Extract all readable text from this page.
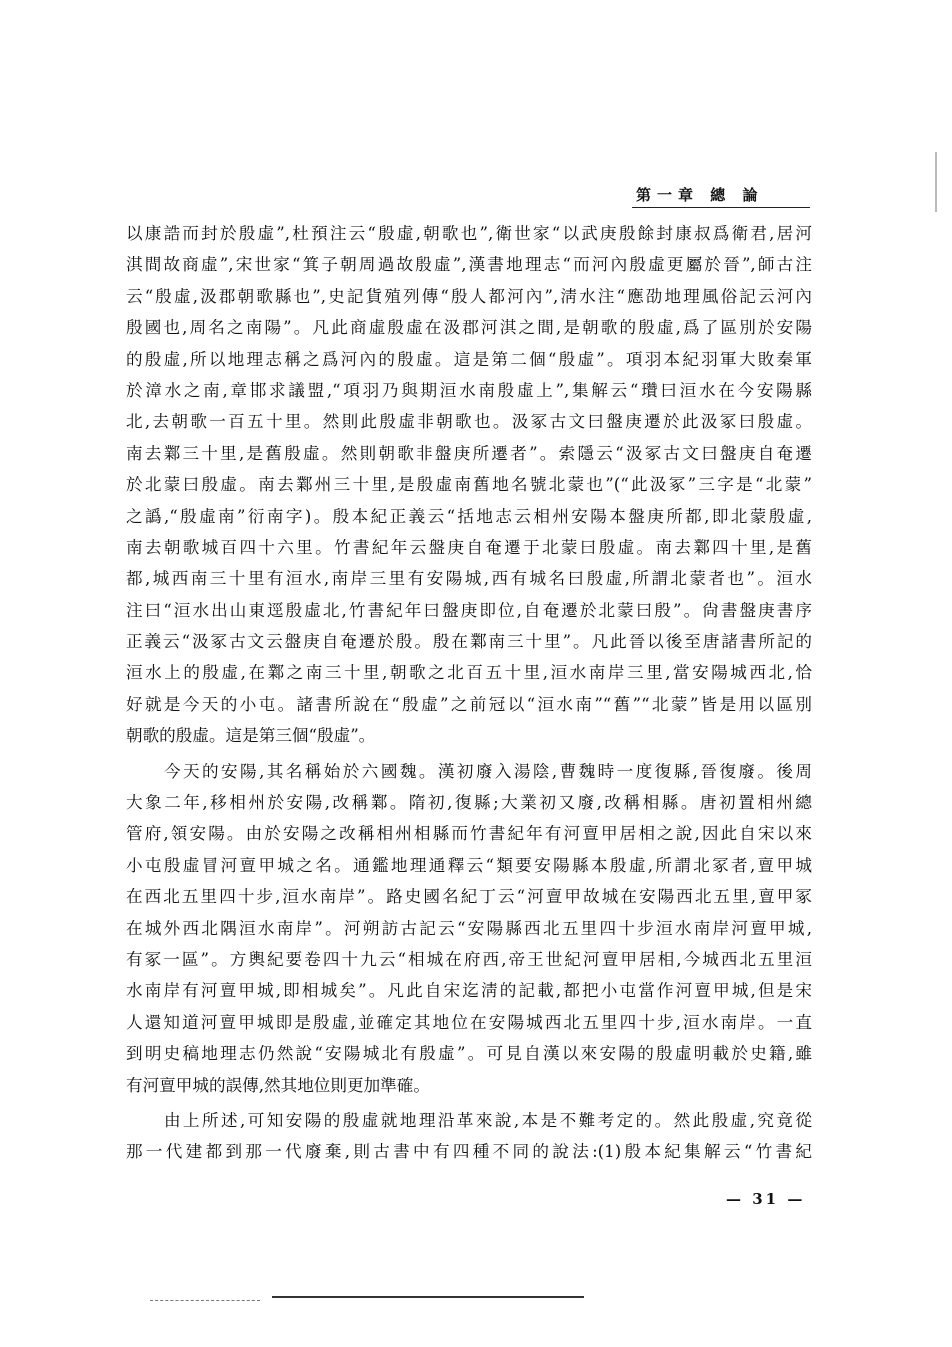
第一章 總 論
以康誥而封於殷虛”,杜預注云“殷虛,朝歌也”,衛世家“以武庚殷餘封康叔爲衛君,居河
淇間故商虛”,宋世家“箕子朝周過故殷虛”,漢書地理志“而河內殷虛更屬於晉”,師古注
云“殷虛,汲郡朝歌縣也”,史記貨殖列傳“殷人都河內”,淸水注“應劭地理風俗記云河內
殷國也,周名之南陽”。凡此商虛殷虛在汲郡河淇之間,是朝歌的殷虛,爲了區別於安陽
的殷虛,所以地理志稱之爲河內的殷虛。這是第二個“殷虛”。項羽本紀羽軍大敗秦軍
於漳水之南,章邯求議盟,“項羽乃與期洹水南殷虛上”,集解云“瓚曰洹水在今安陽縣
北,去朝歌一百五十里。然則此殷虛非朝歌也。汲冢古文曰盤庚遷於此汲冢曰殷虛。
南去鄴三十里,是舊殷虛。然則朝歌非盤庚所遷者”。索隱云“汲冢古文曰盤庚自奄遷
於北蒙曰殷虛。南去鄴州三十里,是殷虛南舊地名號北蒙也”(“此汲冢”三字是“北蒙”
之譌,“殷虛南”衍南字)。殷本紀正義云“括地志云相州安陽本盤庚所都,即北蒙殷虛,
南去朝歌城百四十六里。竹書紀年云盤庚自奄遷于北蒙曰殷虛。南去鄴四十里,是舊
都,城西南三十里有洹水,南岸三里有安陽城,西有城名曰殷虛,所謂北蒙者也”。洹水
注曰“洹水出山東逕殷虛北,竹書紀年曰盤庚即位,自奄遷於北蒙曰殷”。尙書盤庚書序
正義云“汲冢古文云盤庚自奄遷於殷。殷在鄴南三十里”。凡此晉以後至唐諸書所記的
洹水上的殷虛,在鄴之南三十里,朝歌之北百五十里,洹水南岸三里,當安陽城西北,恰
好就是今天的小屯。諸書所說在“殷虛”之前冠以“洹水南”“舊”“北蒙”皆是用以區別
朝歌的殷虛。這是第三個“殷虛”。
　　今天的安陽,其名稱始於六國魏。漢初廢入湯陰,曹魏時一度復縣,晉復廢。後周
大象二年,移相州於安陽,改稱鄴。隋初,復縣;大業初又廢,改稱相縣。唐初置相州總
管府,領安陽。由於安陽之改稱相州相縣而竹書紀年有河亶甲居相之說,因此自宋以來
小屯殷虛冒河亶甲城之名。通鑑地理通釋云“類要安陽縣本殷虛,所謂北冢者,亶甲城
在西北五里四十步,洹水南岸”。路史國名紀丁云“河亶甲故城在安陽西北五里,亶甲冢
在城外西北隅洹水南岸”。河朔訪古記云“安陽縣西北五里四十步洹水南岸河亶甲城,
有冢一區”。方輿紀要卷四十九云“相城在府西,帝王世紀河亶甲居相,今城西北五里洹
水南岸有河亶甲城,即相城矣”。凡此自宋迄淸的記載,都把小屯當作河亶甲城,但是宋
人還知道河亶甲城即是殷虛,並確定其地位在安陽城西北五里四十步,洹水南岸。一直
到明史稿地理志仍然說“安陽城北有殷虛”。可見自漢以來安陽的殷虛明載於史籍,雖
有河亶甲城的誤傳,然其地位則更加準確。
　　由上所述,可知安陽的殷虛就地理沿革來說,本是不難考定的。然此殷虛,究竟從
那一代建都到那一代廢棄,則古書中有四種不同的說法:(1)殷本紀集解云“竹書紀
— 31 —
